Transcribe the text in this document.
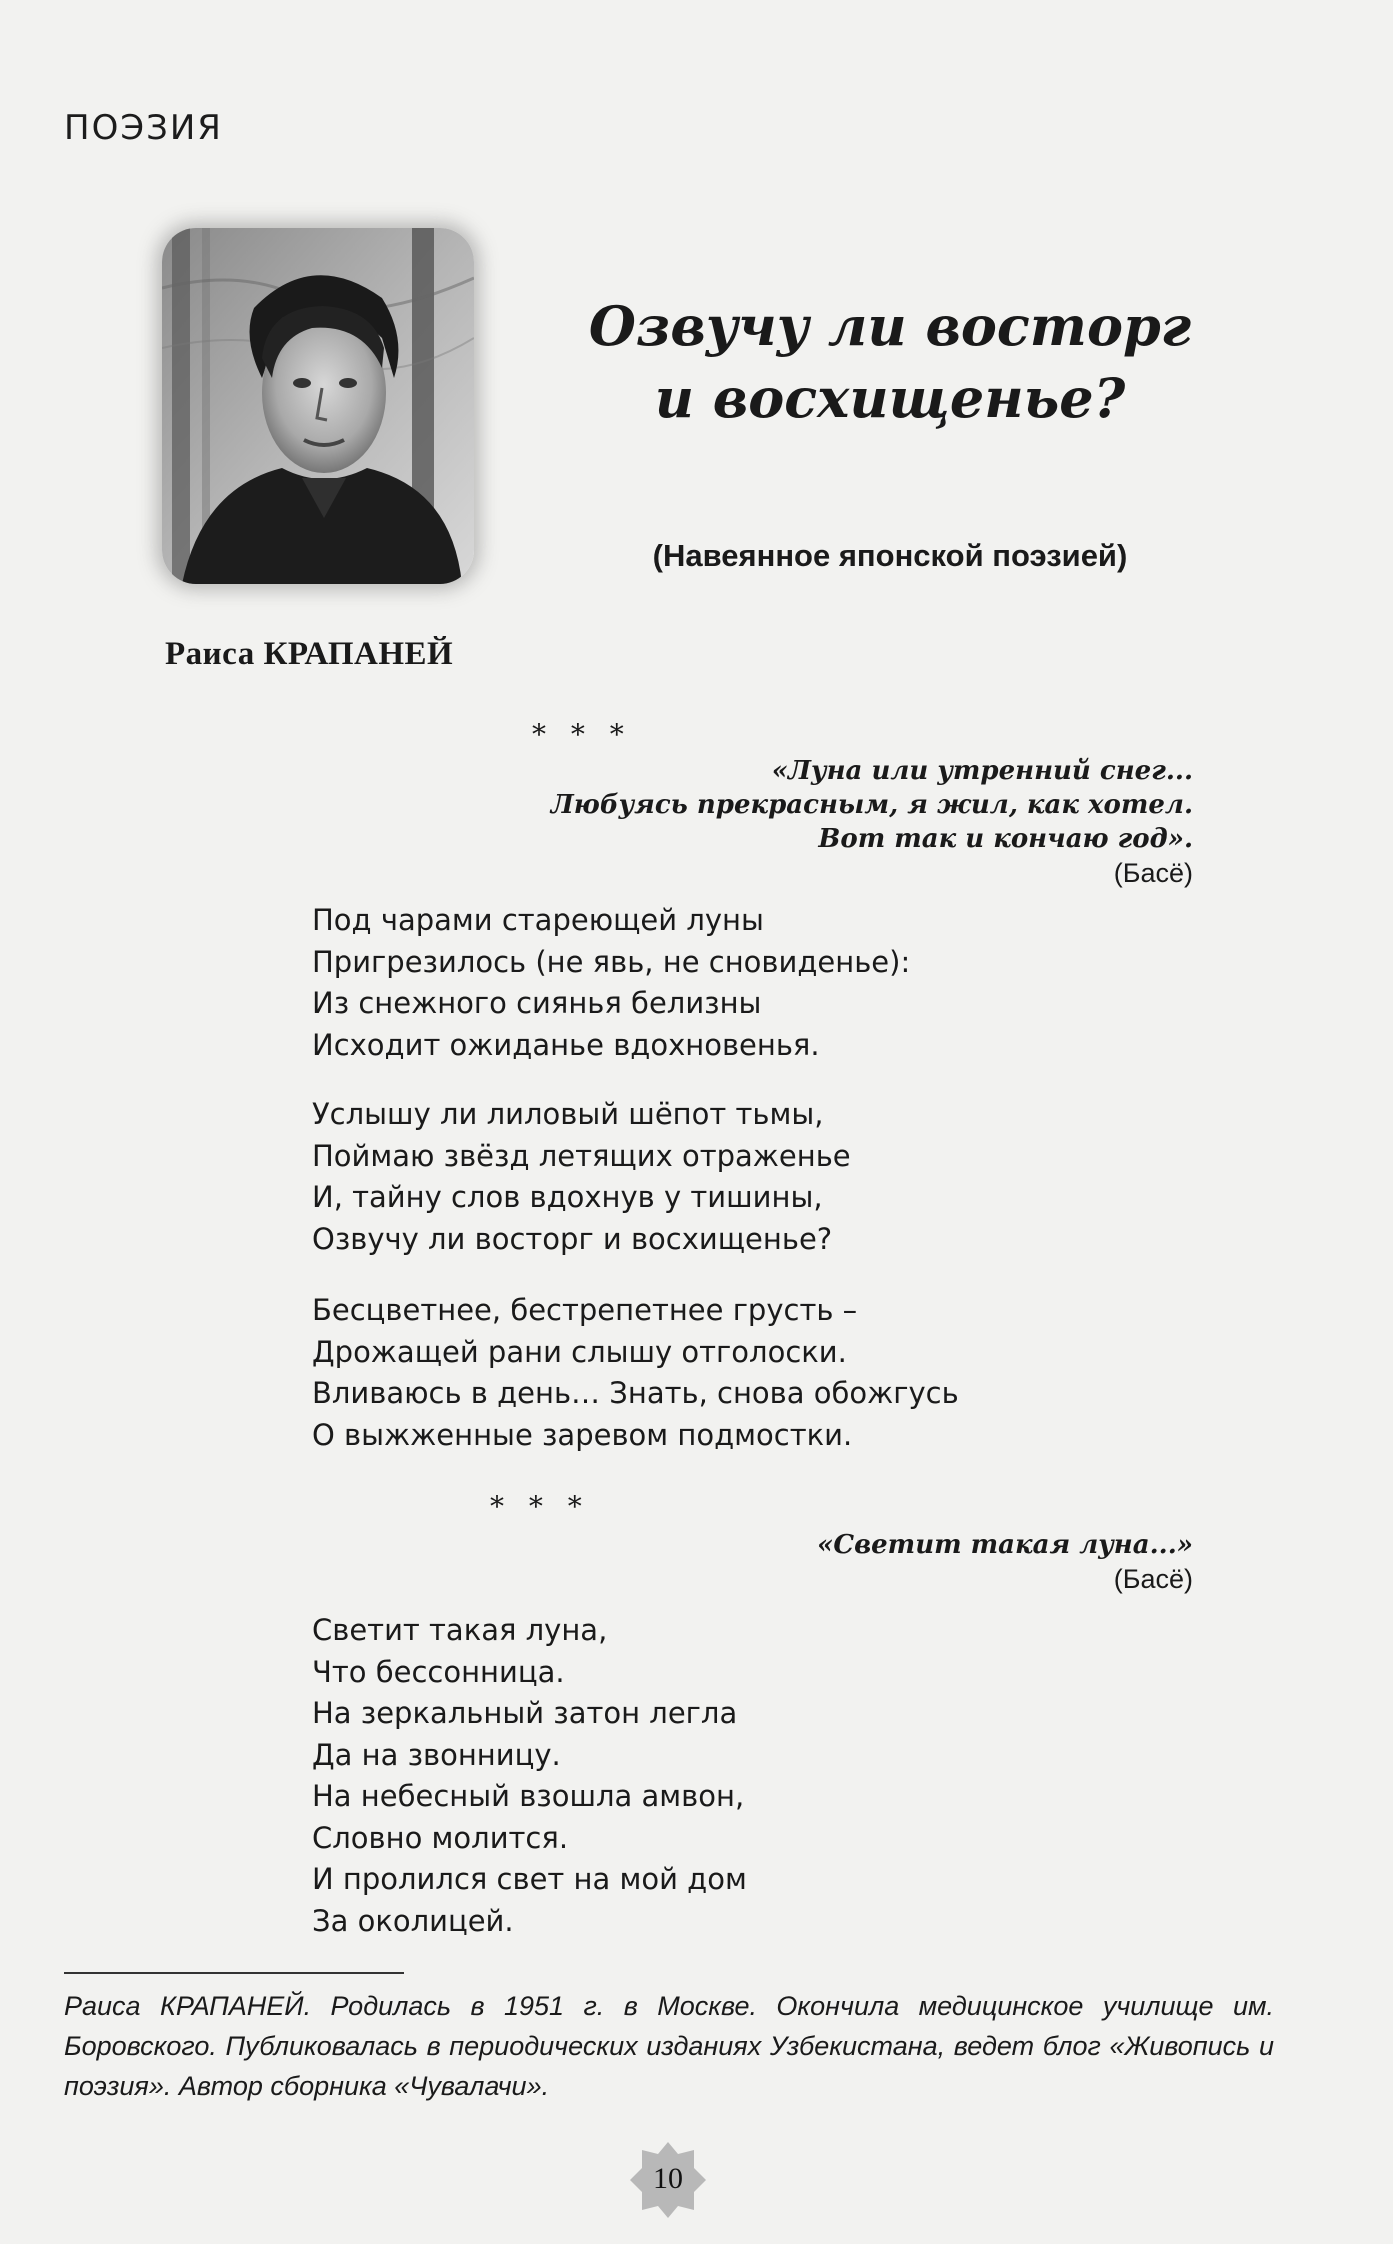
ПОЭЗИЯ
Раиса КРАПАНЕЙ
Озвучу ли восторг
и восхищенье?
(Навеянное японской поэзией)
* * *
«Луна или утренний снег...
Любуясь прекрасным, я жил, как хотел.
Вот так и кончаю год».
(Басё)
Под чарами стареющей луны
Пригрезилось (не явь, не сновиденье):
Из снежного сиянья белизны
Исходит ожиданье вдохновенья.
Услышу ли лиловый шёпот тьмы,
Поймаю звёзд летящих отраженье
И, тайну слов вдохнув у тишины,
Озвучу ли восторг и восхищенье?
Бесцветнее, бестрепетнее грусть –
Дрожащей рани слышу отголоски.
Вливаюсь в день… Знать, снова обожгусь
О выжженные заревом подмостки.
* * *
«Светит такая луна...»
(Басё)
Светит такая луна,
Что бессонница.
На зеркальный затон легла
Да на звонницу.
На небесный взошла амвон,
Словно молится.
И пролился свет на мой дом
За околицей.
Раиса КРАПАНЕЙ. Родилась в 1951 г. в Москве. Окончила медицинское училище им. Боровского. Публиковалась в периодических изданиях Узбекистана, ведет блог «Живопись и поэзия». Автор сборника «Чувалачи».
10
